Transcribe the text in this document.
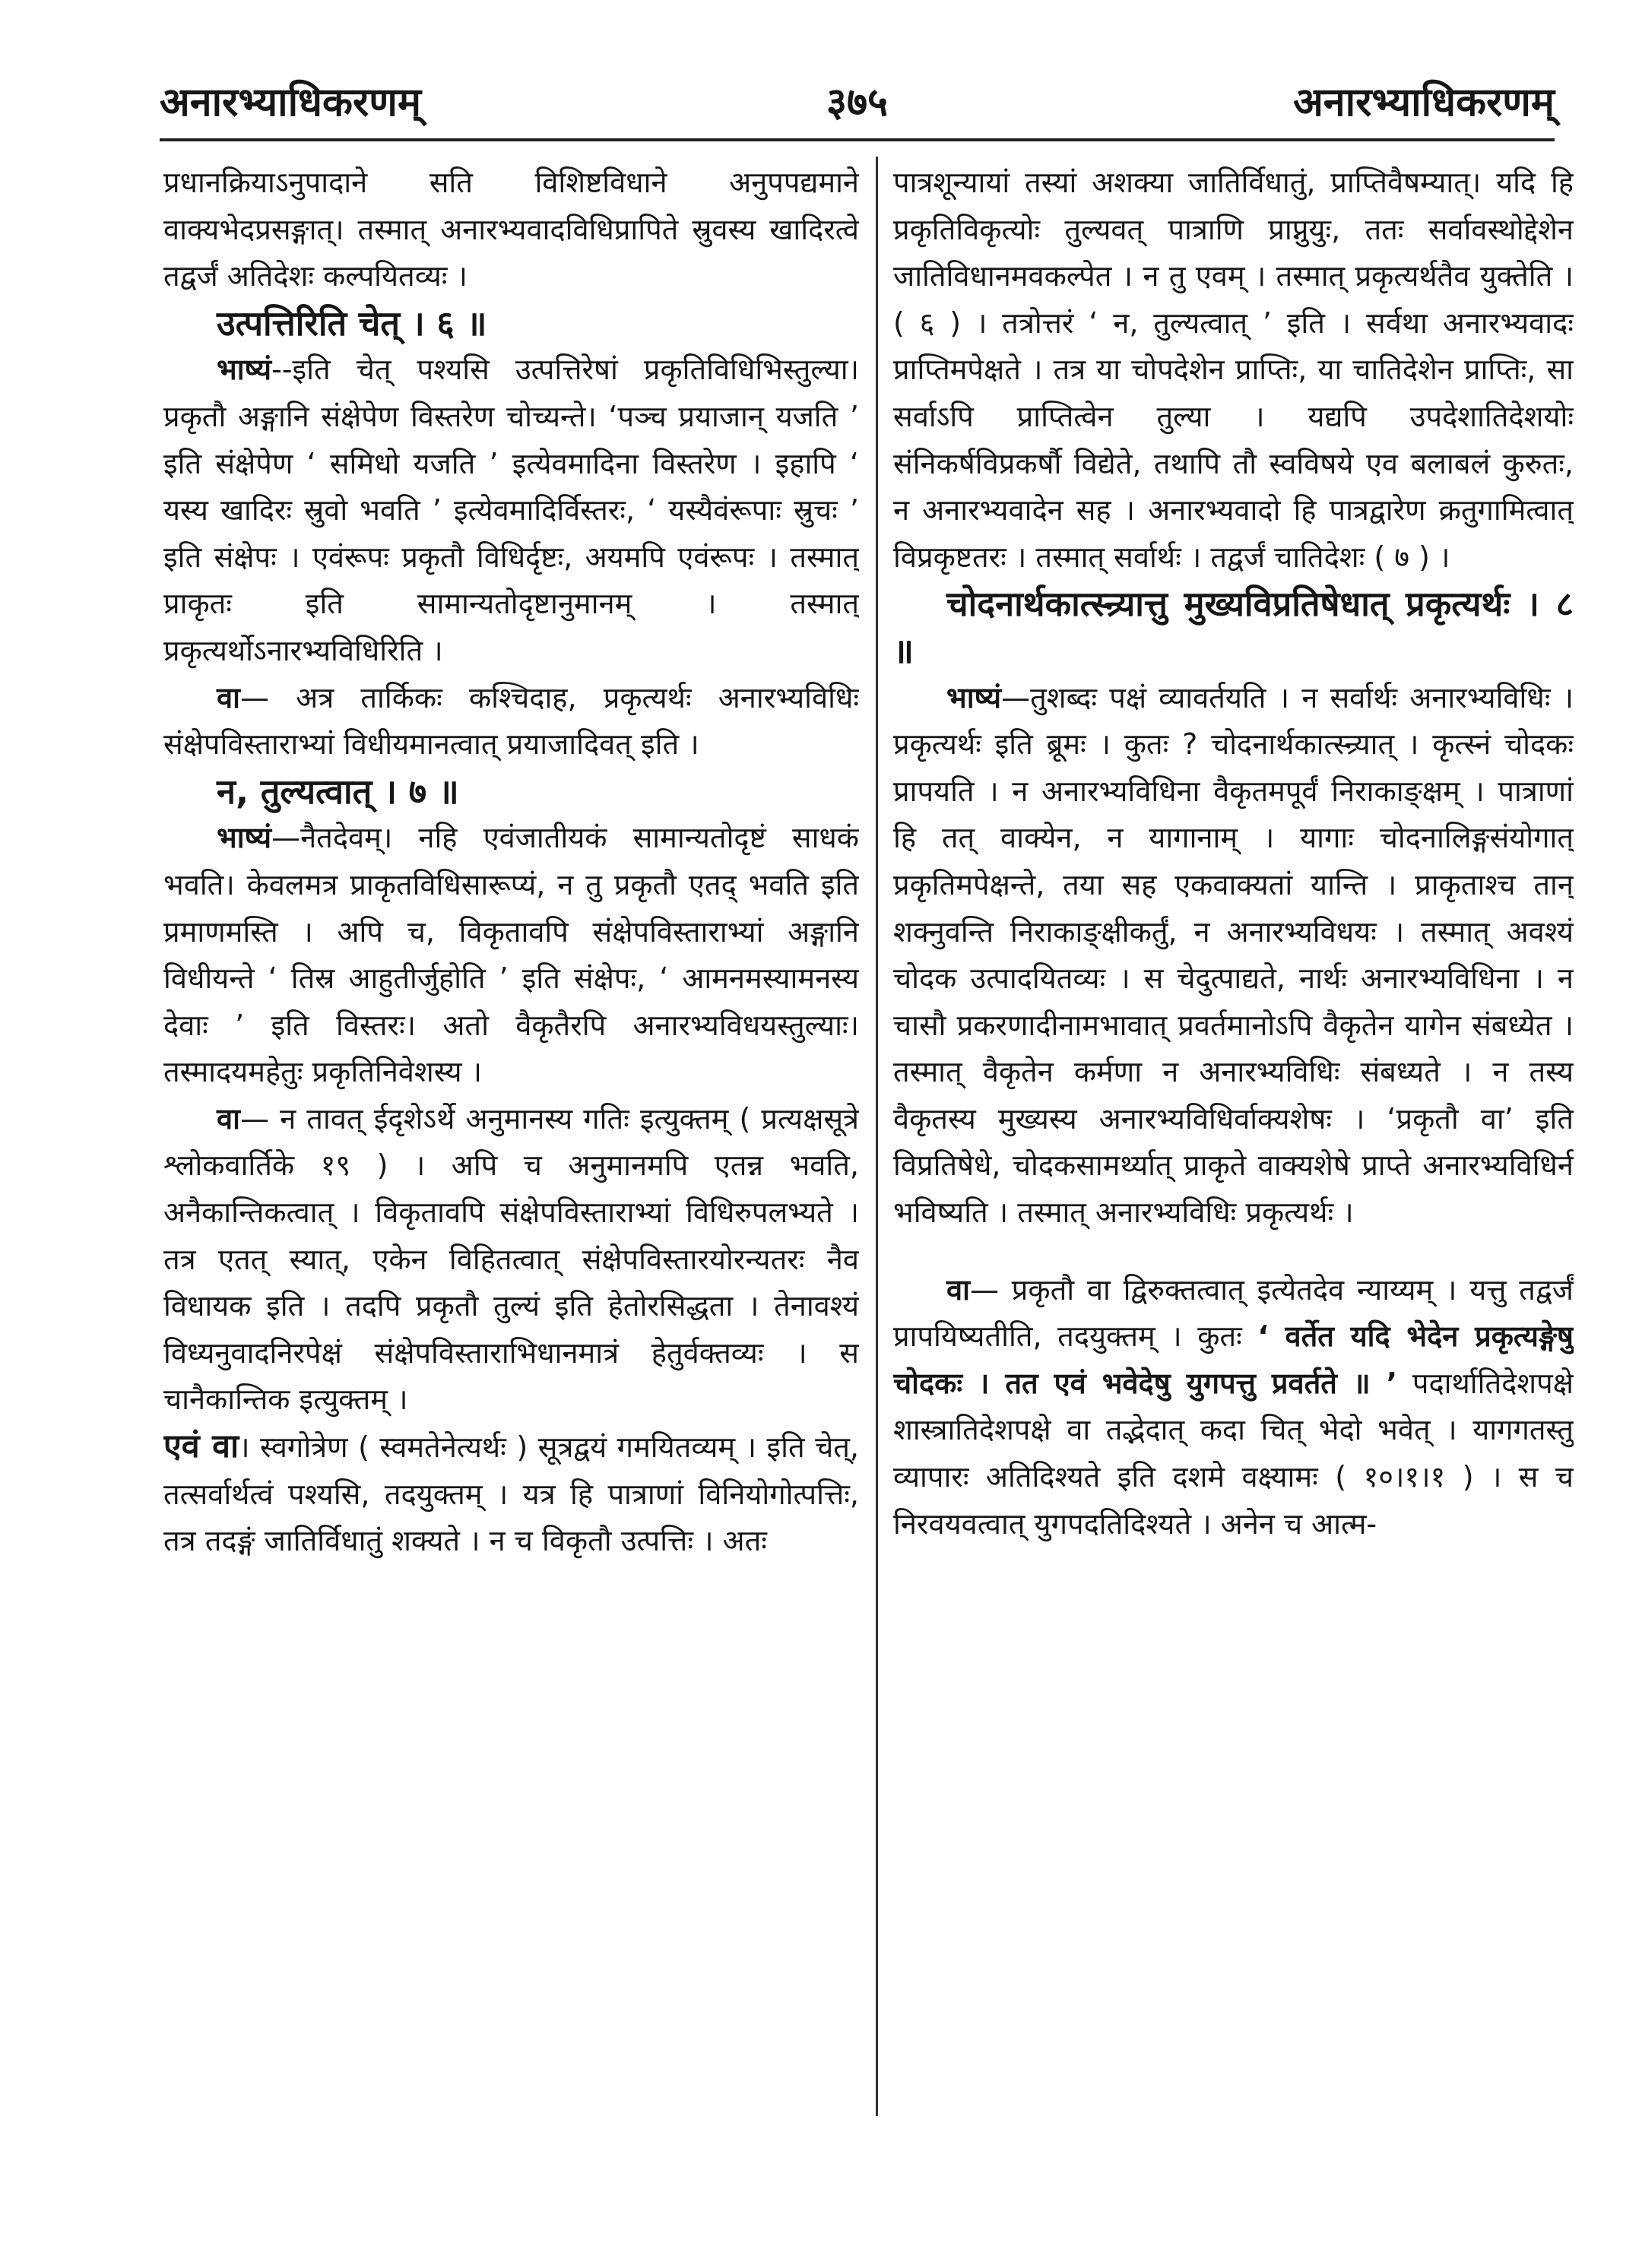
अनारभ्याधिकरणम्	३७५	अनारभ्याधिकरणम्

प्रधानक्रियाऽनुपादाने सति विशिष्टविधाने अनुपपद्यमाने वाक्यभेदप्रसङ्गात्। तस्मात् अनारभ्यवादविधिप्रापिते स्रुवस्य खादिरत्वे तद्वर्जं अतिदेशः कल्पयितव्यः ।

उत्पत्तिरिति चेत् । ६ ॥

भाष्यं--इति चेत् पश्यसि उत्पत्तिरेषां प्रकृतिविधिभिस्तुल्या। प्रकृतौ अङ्गानि संक्षेपेण विस्तरेण चोच्यन्ते। ‘पञ्च प्रयाजान् यजति ’ इति संक्षेपेण ‘ समिधो यजति ’ इत्येवमादिना विस्तरेण । इहापि ‘ यस्य खादिरः स्रुवो भवति ’ इत्येवमादिर्विस्तरः, ‘ यस्यैवंरूपाः स्रुचः ’ इति संक्षेपः । एवंरूपः प्रकृतौ विधिर्दृष्टः, अयमपि एवंरूपः । तस्मात् प्राकृतः इति सामान्यतोदृष्टानुमानम् । तस्मात् प्रकृत्यर्थोऽनारभ्यविधिरिति ।

वा— अत्र तार्किकः कश्चिदाह, प्रकृत्यर्थः अनारभ्यविधिः संक्षेपविस्ताराभ्यां विधीयमानत्वात् प्रयाजादिवत् इति ।

न, तुल्यत्वात् । ७ ॥

भाष्यं—नैतदेवम्। नहि एवंजातीयकं सामान्यतोदृष्टं साधकं भवति। केवलमत्र प्राकृतविधिसारूप्यं, न तु प्रकृतौ एतद् भवति इति प्रमाणमस्ति । अपि च, विकृतावपि संक्षेपविस्ताराभ्यां अङ्गानि विधीयन्ते ‘ तिस्र आहुतीर्जुहोति ’ इति संक्षेपः, ‘ आमनमस्यामनस्य देवाः ’ इति विस्तरः। अतो वैकृतैरपि अनारभ्यविधयस्तुल्याः। तस्मादयमहेतुः प्रकृतिनिवेशस्य ।

वा— न तावत् ईदृशेऽर्थे अनुमानस्य गतिः इत्युक्तम् ( प्रत्यक्षसूत्रे श्लोकवार्तिके १९ ) । अपि च अनुमानमपि एतन्न भवति, अनैकान्तिकत्वात् । विकृतावपि संक्षेपविस्ताराभ्यां विधिरुपलभ्यते । तत्र एतत् स्यात्, एकेन विहितत्वात् संक्षेपविस्तारयोरन्यतरः नैव विधायक इति । तदपि प्रकृतौ तुल्यं इति हेतोरसिद्धता । तेनावश्यं विध्यनुवादनिरपेक्षं संक्षेपविस्ताराभिधानमात्रं हेतुर्वक्तव्यः । स चानैकान्तिक इत्युक्तम् ।

एवं वा। स्वगोत्रेण ( स्वमतेनेत्यर्थः ) सूत्रद्वयं गमयितव्यम् । इति चेत्, तत्सर्वार्थत्वं पश्यसि, तदयुक्तम् । यत्र हि पात्राणां विनियोगोत्पत्तिः, तत्र तदङ्गं जातिर्विधातुं शक्यते । न च विकृतौ उत्पत्तिः । अतः

पात्रशून्यायां तस्यां अशक्या जातिर्विधातुं, प्राप्तिवैषम्यात्। यदि हि प्रकृतिविकृत्योः तुल्यवत् पात्राणि प्राप्नुयुः, ततः सर्वावस्थोद्देशेन जातिविधानमवकल्पेत । न तु एवम् । तस्मात् प्रकृत्यर्थतैव युक्तेति । ( ६ ) । तत्रोत्तरं ‘ न, तुल्यत्वात् ’ इति । सर्वथा अनारभ्यवादः प्राप्तिमपेक्षते । तत्र या चोपदेशेन प्राप्तिः, या चातिदेशेन प्राप्तिः, सा सर्वाऽपि प्राप्तित्वेन तुल्या । यद्यपि उपदेशातिदेशयोः संनिकर्षविप्रकर्षौ विद्येते, तथापि तौ स्वविषये एव बलाबलं कुरुतः, न अनारभ्यवादेन सह । अनारभ्यवादो हि पात्रद्वारेण क्रतुगामित्वात् विप्रकृष्टतरः । तस्मात् सर्वार्थः । तद्वर्जं चातिदेशः ( ७ ) ।

चोदनार्थकात्स्न्र्यात्तु मुख्यविप्रतिषेधात् प्रकृत्यर्थः । ८ ॥

भाष्यं—तुशब्दः पक्षं व्यावर्तयति । न सर्वार्थः अनारभ्यविधिः । प्रकृत्यर्थः इति ब्रूमः । कुतः ? चोदनार्थकात्स्न्र्यात् । कृत्स्नं चोदकः प्रापयति । न अनारभ्यविधिना वैकृतमपूर्वं निराकाङ्क्षम् । पात्राणां हि तत् वाक्येन, न यागानाम् । यागाः चोदनालिङ्गसंयोगात् प्रकृतिमपेक्षन्ते, तया सह एकवाक्यतां यान्ति । प्राकृताश्च तान् शक्नुवन्ति निराकाङ्क्षीकर्तुं, न अनारभ्यविधयः । तस्मात् अवश्यं चोदक उत्पादयितव्यः । स चेदुत्पाद्यते, नार्थः अनारभ्यविधिना । न चासौ प्रकरणादीनामभावात् प्रवर्तमानोऽपि वैकृतेन यागेन संबध्येत । तस्मात् वैकृतेन कर्मणा न अनारभ्यविधिः संबध्यते । न तस्य वैकृतस्य मुख्यस्य अनारभ्यविधिर्वाक्यशेषः । ‘प्रकृतौ वा’ इति विप्रतिषेधे, चोदकसामर्थ्यात् प्राकृते वाक्यशेषे प्राप्ते अनारभ्यविधिर्न भविष्यति । तस्मात् अनारभ्यविधिः प्रकृत्यर्थः ।

वा— प्रकृतौ वा द्विरुक्तत्वात् इत्येतदेव न्याय्यम् । यत्तु तद्वर्जं प्रापयिष्यतीति, तदयुक्तम् । कुतः ‘ वर्तेत यदि भेदेन प्रकृत्यङ्गेषु चोदकः । तत एवं भवेदेषु युगपत्तु प्रवर्तते ॥ ’ पदार्थातिदेशपक्षे शास्त्रातिदेशपक्षे वा तद्भेदात् कदा चित् भेदो भवेत् । यागगतस्तु व्यापारः अतिदिश्यते इति दशमे वक्ष्यामः ( १०।१।१ ) । स च निरवयवत्वात् युगपदतिदिश्यते । अनेन च आत्म-
